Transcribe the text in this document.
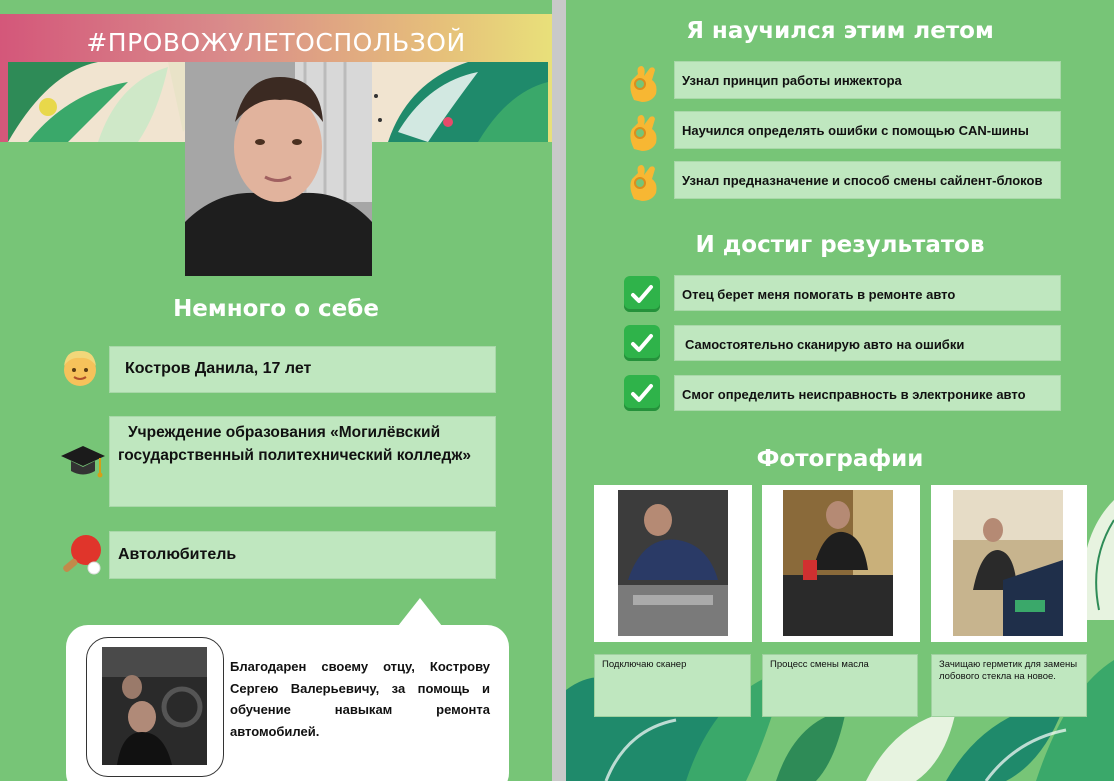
#ПРОВОЖУЛЕТОСПОЛЬЗОЙ
Немного о себе
Костров Данила, 17 лет
Учреждение образования «Могилёвский государственный политехнический колледж»
Автолюбитель
Благодарен своему отцу, Кострову Сергею Валерьевичу, за помощь и обучение навыкам ремонта автомобилей.
Я научился этим летом
Узнал принцип работы инжектора
Научился определять ошибки с помощью CAN-шины
Узнал предназначение и способ смены сайлент-блоков
И достиг результатов
Отец берет меня помогать в ремонте авто
Самостоятельно сканирую авто на ошибки
Смог определить неисправность в электронике авто
Фотографии
Подключаю сканер	Процесс смены масла	Зачищаю герметик для замены лобового стекла на новое.
